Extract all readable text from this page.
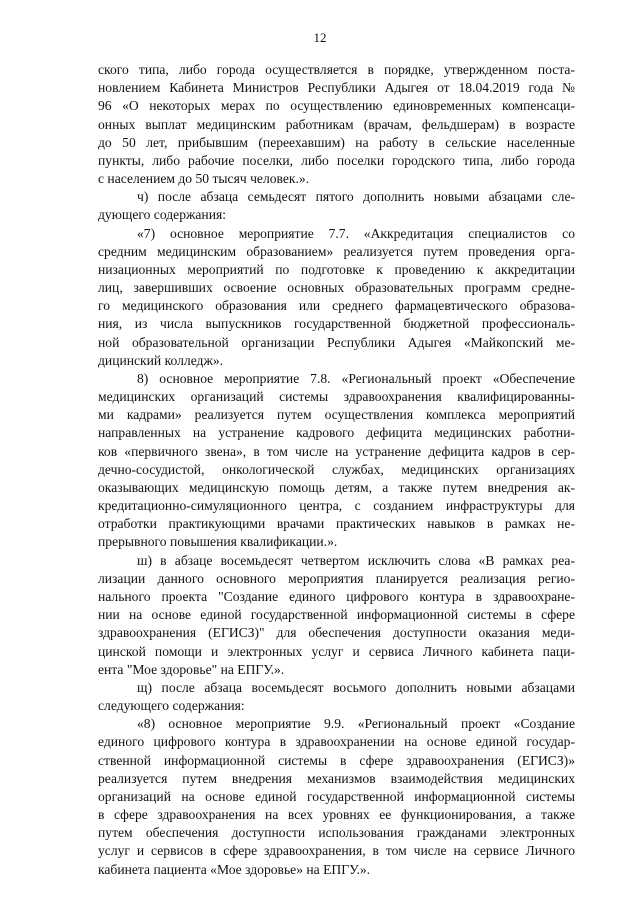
12
ского типа, либо города осуществляется в порядке, утвержденном поста-
новлением Кабинета Министров Республики Адыгея от 18.04.2019 года №
96 «О некоторых мерах по осуществлению единовременных компенсаци-
онных выплат медицинским работникам (врачам, фельдшерам) в возрасте
до 50 лет, прибывшим (переехавшим) на работу в сельские населенные
пункты, либо рабочие поселки, либо поселки городского типа, либо города
с населением до 50 тысяч человек.».
ч) после абзаца семьдесят пятого дополнить новыми абзацами сле-
дующего содержания:
«7) основное мероприятие 7.7. «Аккредитация специалистов со
средним медицинским образованием» реализуется путем проведения орга-
низационных мероприятий по подготовке к проведению к аккредитации
лиц, завершивших освоение основных образовательных программ средне-
го медицинского образования или среднего фармацевтического образова-
ния, из числа выпускников государственной бюджетной профессиональ-
ной образовательной организации Республики Адыгея «Майкопский ме-
дицинский колледж».
8) основное мероприятие 7.8. «Региональный проект «Обеспечение
медицинских организаций системы здравоохранения квалифицированны-
ми кадрами» реализуется путем осуществления комплекса мероприятий
направленных на устранение кадрового дефицита медицинских работни-
ков «первичного звена», в том числе на устранение дефицита кадров в сер-
дечно-сосудистой, онкологической службах, медицинских организациях
оказывающих медицинскую помощь детям, а также путем внедрения ак-
кредитационно-симуляционного центра, с созданием инфраструктуры для
отработки практикующими врачами практических навыков в рамках не-
прерывного повышения квалификации.».
ш) в абзаце восемьдесят четвертом исключить слова «В рамках реа-
лизации данного основного мероприятия планируется реализация регио-
нального проекта "Создание единого цифрового контура в здравоохране-
нии на основе единой государственной информационной системы в сфере
здравоохранения (ЕГИСЗ)" для обеспечения доступности оказания меди-
цинской помощи и электронных услуг и сервиса Личного кабинета паци-
ента "Мое здоровье" на ЕПГУ.».
щ) после абзаца восемьдесят восьмого дополнить новыми абзацами
следующего содержания:
«8) основное мероприятие 9.9. «Региональный проект «Создание
единого цифрового контура в здравоохранении на основе единой государ-
ственной информационной системы в сфере здравоохранения (ЕГИСЗ)»
реализуется путем внедрения механизмов взаимодействия медицинских
организаций на основе единой государственной информационной системы
в сфере здравоохранения на всех уровнях ее функционирования, а также
путем обеспечения доступности использования гражданами электронных
услуг и сервисов в сфере здравоохранения, в том числе на сервисе Личного
кабинета пациента «Мое здоровье» на ЕПГУ.».
